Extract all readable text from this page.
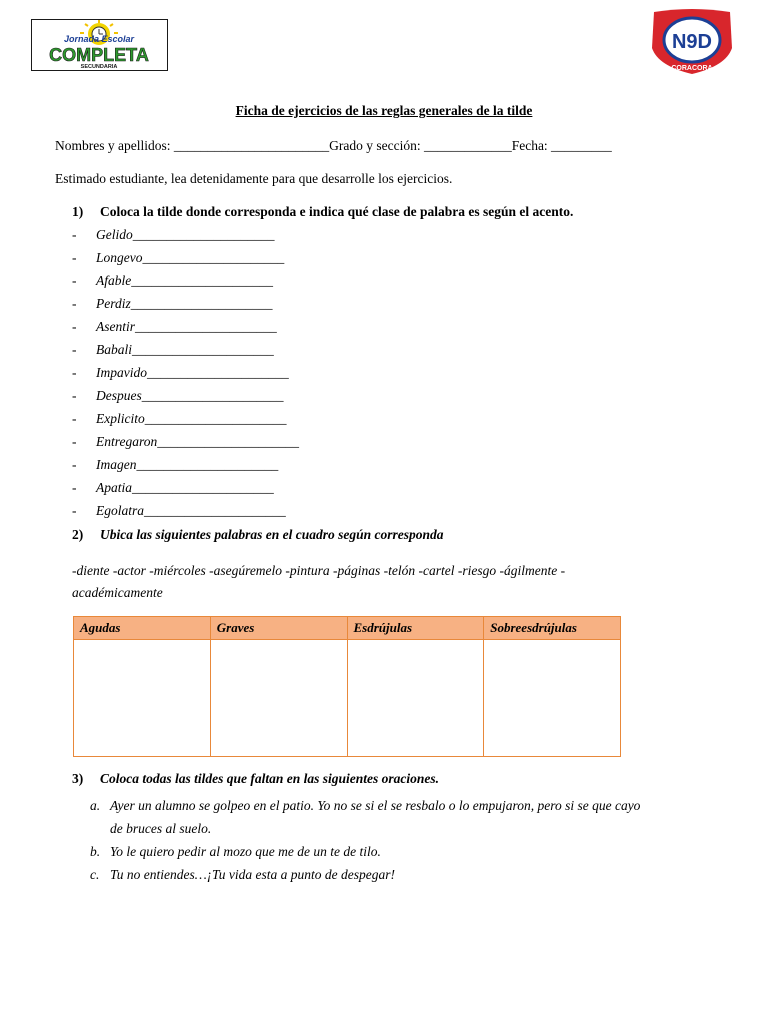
Jornada Escolar
COMPLETA
SECUNDARIA
N9D
CORACORA
Ficha de ejercicios de las reglas generales de la tilde
Nombres y apellidos: _______________________Grado y sección: _____________Fecha: _________
Estimado estudiante, lea detenidamente para que desarrolle los ejercicios.
1) Coloca la tilde donde corresponda e indica qué clase de palabra es según el acento.
- Gelido_____________________
- Longevo_____________________
- Afable_____________________
- Perdiz_____________________
- Asentir_____________________
- Babali_____________________
- Impavido_____________________
- Despues_____________________
- Explicito_____________________
- Entregaron_____________________
- Imagen_____________________
- Apatia_____________________
- Egolatra_____________________
2) Ubica las siguientes palabras en el cuadro según corresponda
-diente -actor -miércoles -asegúremelo -pintura -páginas -telón -cartel -riesgo -ágilmente - académicamente
Agudas	Graves	Esdrújulas	Sobreesdrújulas

3) Coloca todas las tildes que faltan en las siguientes oraciones.
a. Ayer un alumno se golpeo en el patio. Yo no se si el se resbalo o lo empujaron, pero si se que cayo de bruces al suelo.
b. Yo le quiero pedir al mozo que me de un te de tilo.
c. Tu no entiendes…¡Tu vida esta a punto de despegar!
